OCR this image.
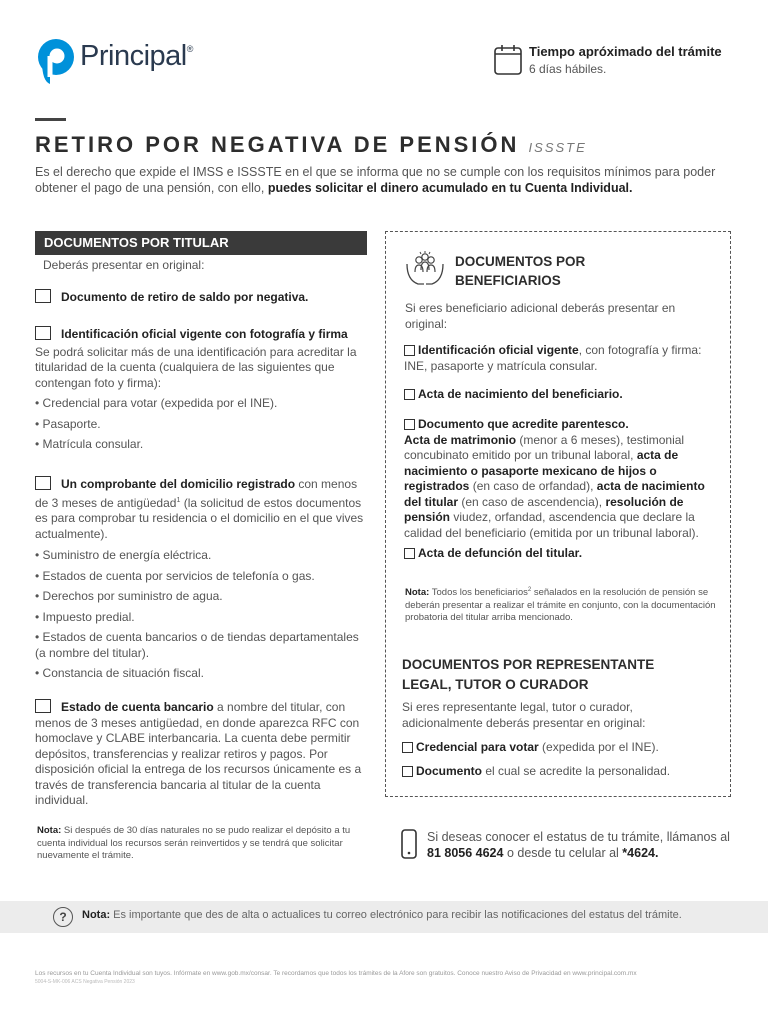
Principal®	Tiempo apróximado del trámite
6 días hábiles.
RETIRO POR NEGATIVA DE PENSIÓN ISSSTE
Es el derecho que expide el IMSS e ISSSTE en el que se informa que no se cumple con los requisitos mínimos para poder obtener el pago de una pensión, con ello, puedes solicitar el dinero acumulado en tu Cuenta Individual.
DOCUMENTOS POR TITULAR
Deberás presentar en original:
Documento de retiro de saldo por negativa.
Identificación oficial vigente con fotografía y firma
Se podrá solicitar más de una identificación para acreditar la titularidad de la cuenta (cualquiera de las siguientes que contengan foto y firma):
• Credencial para votar (expedida por el INE).
• Pasaporte.
• Matrícula consular.
Un comprobante del domicilio registrado con menos de 3 meses de antigüedad$^1$ (la solicitud de estos documentos es para comprobar tu residencia o el domicilio en el que vives actualmente).
• Suministro de energía eléctrica.
• Estados de cuenta por servicios de telefonía o gas.
• Derechos por suministro de agua.
• Impuesto predial.
• Estados de cuenta bancarios o de tiendas departamentales (a nombre del titular).
• Constancia de situación fiscal.
Estado de cuenta bancario a nombre del titular, con menos de 3 meses antigüedad, en donde aparezca RFC con homoclave y CLABE interbancaria. La cuenta debe permitir depósitos, transferencias y realizar retiros y pagos. Por disposición oficial la entrega de los recursos únicamente es a través de transferencia bancaria al titular de la cuenta individual.
Nota: Si después de 30 días naturales no se pudo realizar el depósito a tu cuenta individual los recursos serán reinvertidos y se tendrá que solicitar nuevamente el trámite.
DOCUMENTOS POR BENEFICIARIOS
Si eres beneficiario adicional deberás presentar en original:
Identificación oficial vigente, con fotografía y firma: INE, pasaporte y matrícula consular.
Acta de nacimiento del beneficiario.
Documento que acredite parentesco.
Acta de matrimonio (menor a 6 meses), testimonial concubinato emitido por un tribunal laboral, acta de nacimiento o pasaporte mexicano de hijos o registrados (en caso de orfandad), acta de nacimiento del titular (en caso de ascendencia), resolución de pensión viudez, orfandad, ascendencia que declare la calidad del beneficiario (emitida por un tribunal laboral).
Acta de defunción del titular.
Nota: Todos los beneficiarios$^2$ señalados en la resolución de pensión se deberán presentar a realizar el trámite en conjunto, con la documentación probatoria del titular arriba mencionado.
DOCUMENTOS POR REPRESENTANTE LEGAL, TUTOR O CURADOR
Si eres representante legal, tutor o curador, adicionalmente deberás presentar en original:
Credencial para votar (expedida por el INE).
Documento el cual se acredite la personalidad.
Si deseas conocer el estatus de tu trámite, llámanos al 81 8056 4624 o desde tu celular al *4624.
?	Nota: Es importante que des de alta o actualices tu correo electrónico para recibir las notificaciones del estatus del trámite.
Los recursos en tu Cuenta Individual son tuyos. Infórmate en www.gob.mx/consar. Te recordamos que todos los trámites de la Afore son gratuitos. Conoce nuestro Aviso de Privacidad en www.principal.com.mx
5004-S-MK-006 ACS Negativa Pensión 2023
